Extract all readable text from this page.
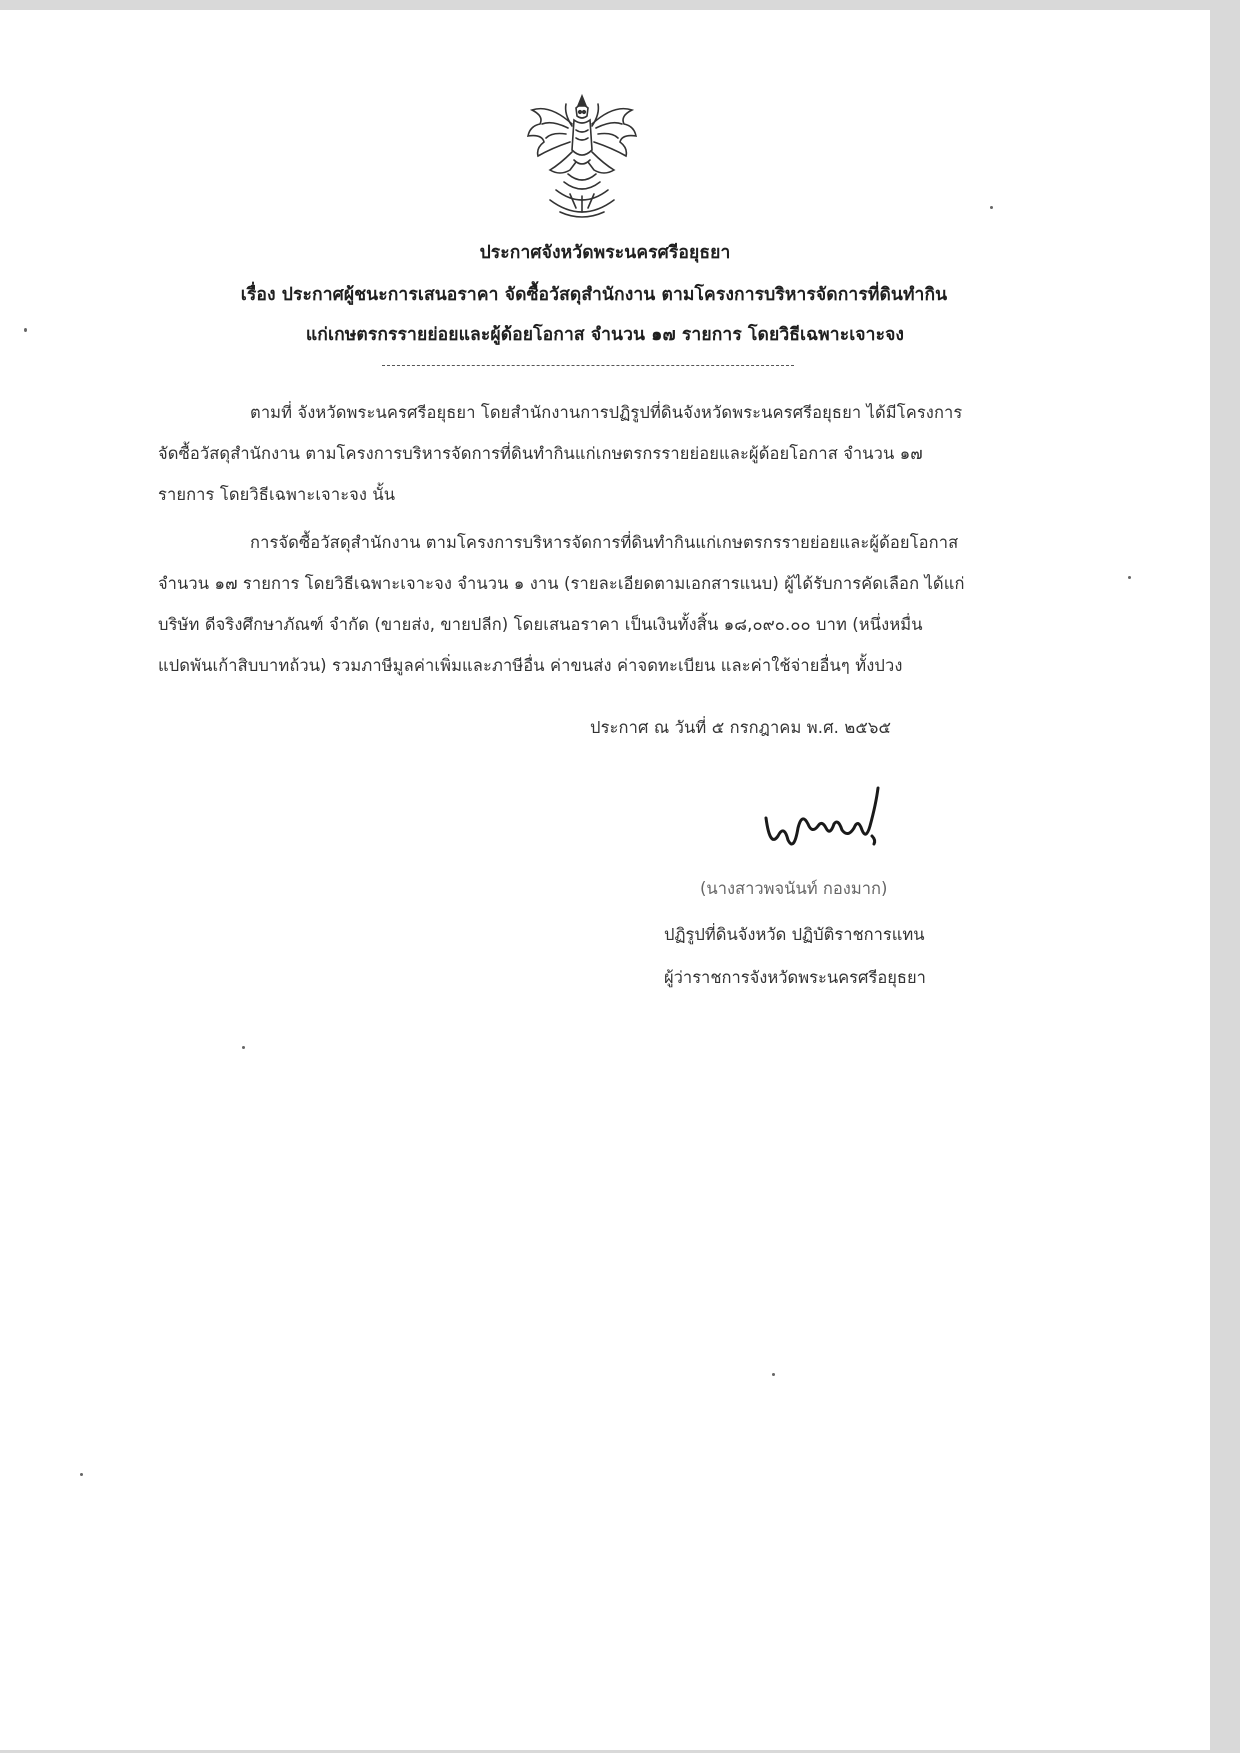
ประกาศจังหวัดพระนครศรีอยุธยา
เรื่อง ประกาศผู้ชนะการเสนอราคา จัดซื้อวัสดุสำนักงาน ตามโครงการบริหารจัดการที่ดินทำกิน
แก่เกษตรกรรายย่อยและผู้ด้อยโอกาส จำนวน ๑๗ รายการ โดยวิธีเฉพาะเจาะจง
ตามที่ จังหวัดพระนครศรีอยุธยา โดยสำนักงานการปฏิรูปที่ดินจังหวัดพระนครศรีอยุธยา ได้มีโครงการ
จัดซื้อวัสดุสำนักงาน ตามโครงการบริหารจัดการที่ดินทำกินแก่เกษตรกรรายย่อยและผู้ด้อยโอกาส จำนวน ๑๗
รายการ โดยวิธีเฉพาะเจาะจง นั้น
การจัดซื้อวัสดุสำนักงาน ตามโครงการบริหารจัดการที่ดินทำกินแก่เกษตรกรรายย่อยและผู้ด้อยโอกาส
จำนวน ๑๗ รายการ โดยวิธีเฉพาะเจาะจง จำนวน ๑ งาน (รายละเอียดตามเอกสารแนบ) ผู้ได้รับการคัดเลือก ได้แก่
บริษัท ดีจริงศึกษาภัณฑ์ จำกัด (ขายส่ง, ขายปลีก) โดยเสนอราคา เป็นเงินทั้งสิ้น ๑๘,๐๙๐.๐๐ บาท (หนึ่งหมื่น
แปดพันเก้าสิบบาทถ้วน) รวมภาษีมูลค่าเพิ่มและภาษีอื่น ค่าขนส่ง ค่าจดทะเบียน และค่าใช้จ่ายอื่นๆ ทั้งปวง
ประกาศ ณ วันที่ ๕ กรกฎาคม พ.ศ. ๒๕๖๕
(นางสาวพจนันท์ กองมาก)
ปฏิรูปที่ดินจังหวัด ปฏิบัติราชการแทน
ผู้ว่าราชการจังหวัดพระนครศรีอยุธยา
